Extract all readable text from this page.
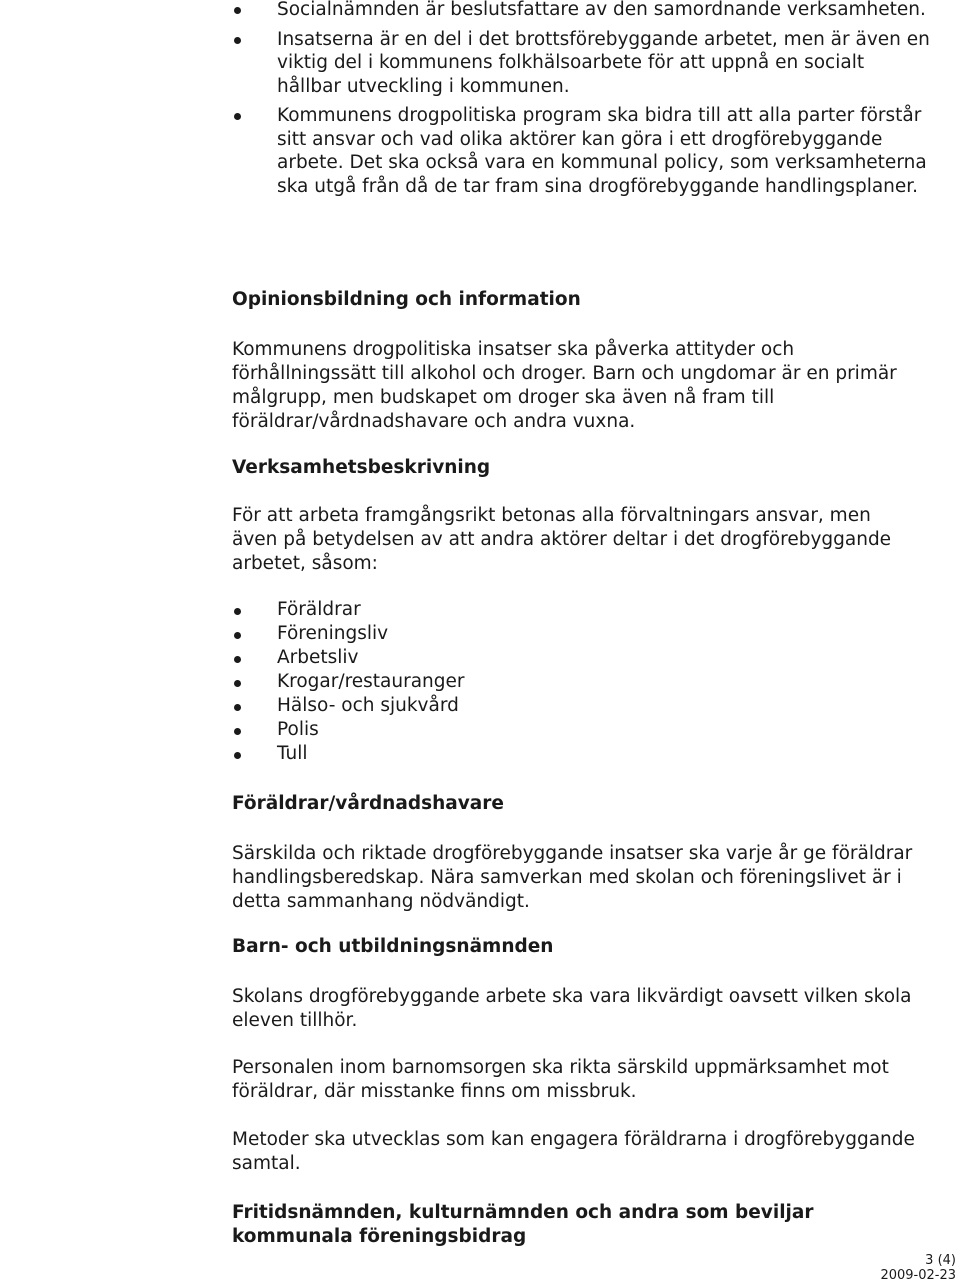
Socialnämnden är beslutsfattare av den samordnande verksamheten.
Insatserna är en del i det brottsförebyggande arbetet, men är även en viktig del i kommunens folkhälsoarbete för att uppnå en socialt hållbar utveckling i kommunen.
Kommunens drogpolitiska program ska bidra till att alla parter förstår sitt ansvar och vad olika aktörer kan göra i ett drogförebyggande arbete. Det ska också vara en kommunal policy, som verksamheterna ska utgå från då de tar fram sina drogförebyggande handlingsplaner.
Opinionsbildning och information

Kommunens drogpolitiska insatser ska påverka attityder och förhållningssätt till alkohol och droger. Barn och ungdomar är en primär målgrupp, men budskapet om droger ska även nå fram till föräldrar/vårdnadshavare och andra vuxna.

Verksamhetsbeskrivning

För att arbeta framgångsrikt betonas alla förvaltningars ansvar, men även på betydelsen av att andra aktörer deltar i det drogförebyggande arbetet, såsom:

Föräldrar
Föreningsliv
Arbetsliv
Krogar/restauranger
Hälso- och sjukvård
Polis
Tull
Föräldrar/vårdnadshavare

Särskilda och riktade drogförebyggande insatser ska varje år ge föräldrar handlingsberedskap. Nära samverkan med skolan och föreningslivet är i detta sammanhang nödvändigt.

Barn- och utbildningsnämnden

Skolans drogförebyggande arbete ska vara likvärdigt oavsett vilken skola eleven tillhör.

Personalen inom barnomsorgen ska rikta särskild uppmärksamhet mot föräldrar, där misstanke finns om missbruk.

Metoder ska utvecklas som kan engagera föräldrarna i drogförebyggande samtal.

Fritidsnämnden, kulturnämnden och andra som beviljar kommunala föreningsbidrag
3 (4)
2009-02-23
